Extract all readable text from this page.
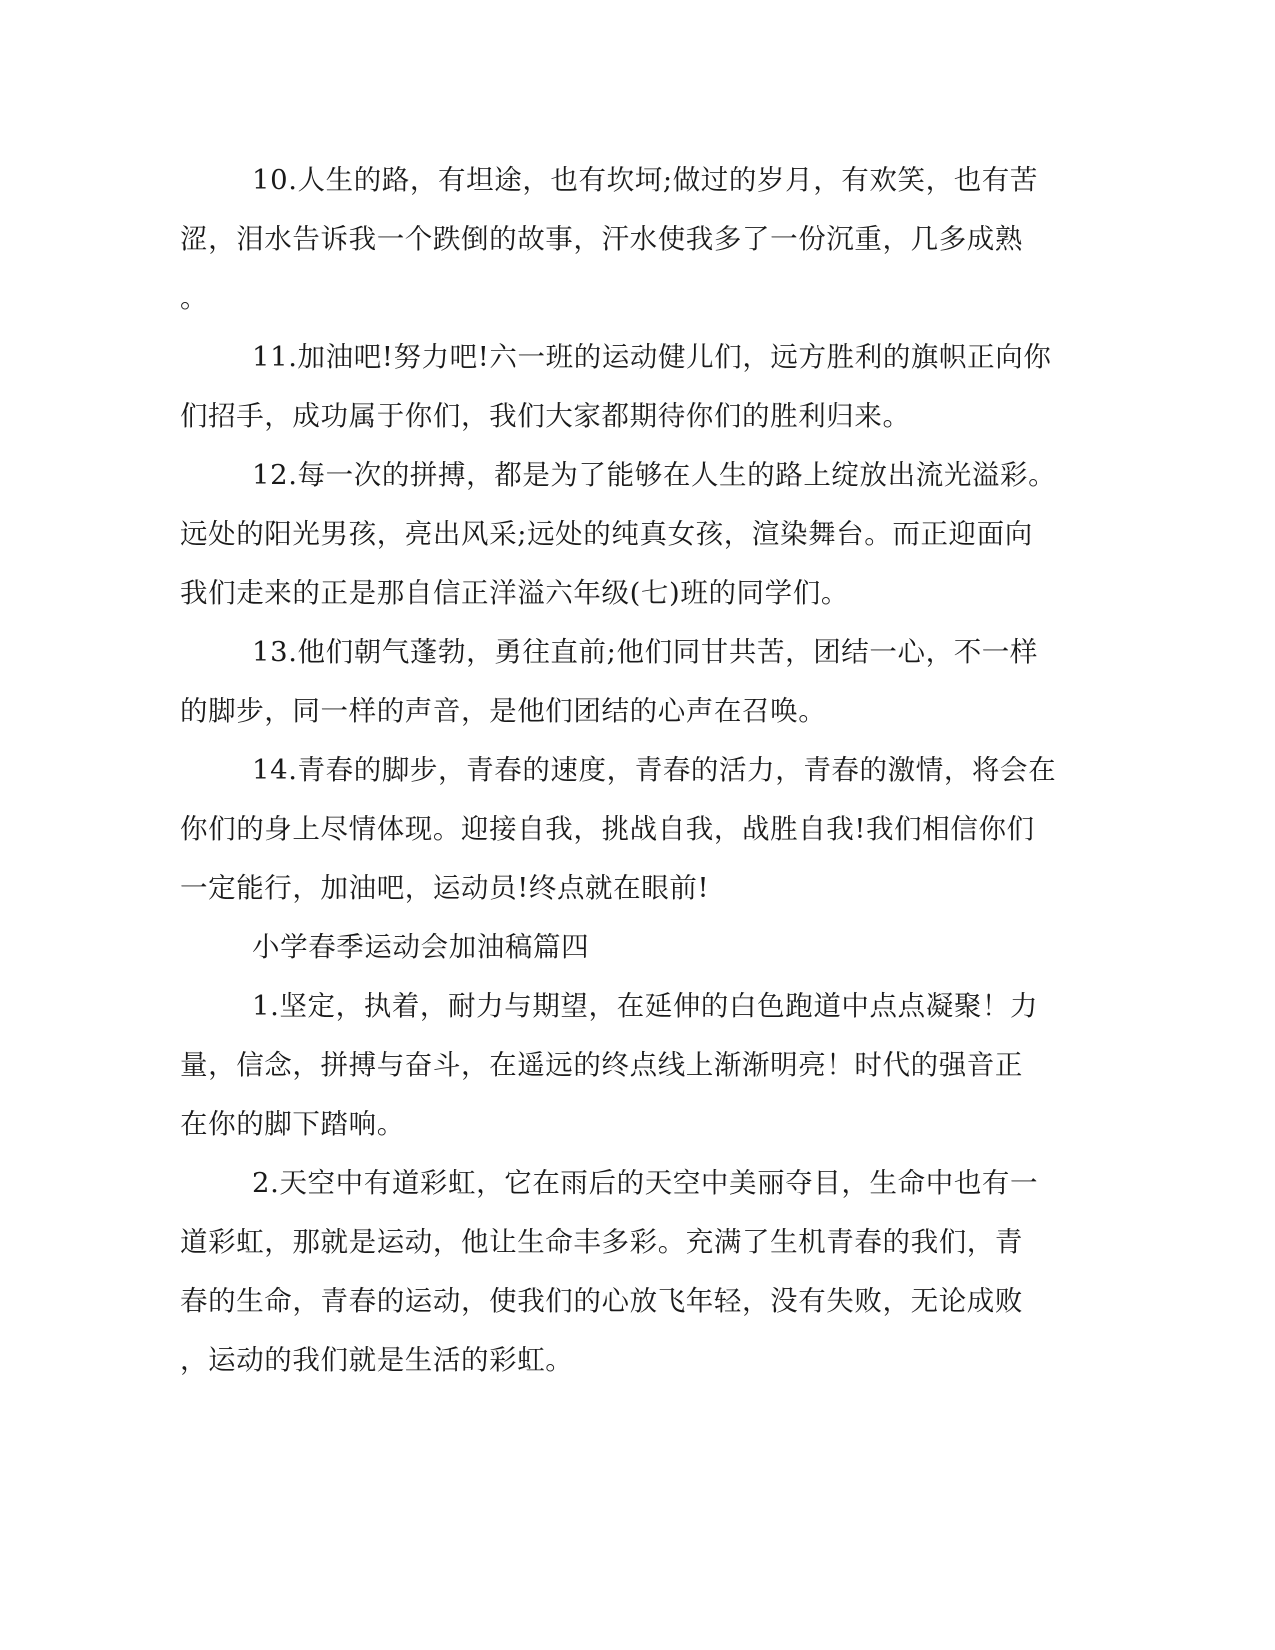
10.人生的路，有坦途，也有坎坷;做过的岁月，有欢笑，也有苦
涩，泪水告诉我一个跌倒的故事，汗水使我多了一份沉重，几多成熟
。
11.加油吧!努力吧!六一班的运动健儿们，远方胜利的旗帜正向你
们招手，成功属于你们，我们大家都期待你们的胜利归来。
12.每一次的拼搏，都是为了能够在人生的路上绽放出流光溢彩。
远处的阳光男孩，亮出风采;远处的纯真女孩，渲染舞台。而正迎面向
我们走来的正是那自信正洋溢六年级(七)班的同学们。
13.他们朝气蓬勃，勇往直前;他们同甘共苦，团结一心，不一样
的脚步，同一样的声音，是他们团结的心声在召唤。
14.青春的脚步，青春的速度，青春的活力，青春的激情，将会在
你们的身上尽情体现。迎接自我，挑战自我，战胜自我!我们相信你们
一定能行，加油吧，运动员!终点就在眼前!
小学春季运动会加油稿篇四
1.坚定，执着，耐力与期望，在延伸的白色跑道中点点凝聚！力
量，信念，拼搏与奋斗，在遥远的终点线上渐渐明亮！时代的强音正
在你的脚下踏响。
2.天空中有道彩虹，它在雨后的天空中美丽夺目，生命中也有一
道彩虹，那就是运动，他让生命丰多彩。充满了生机青春的我们，青
春的生命，青春的运动，使我们的心放飞年轻，没有失败，无论成败
，运动的我们就是生活的彩虹。
